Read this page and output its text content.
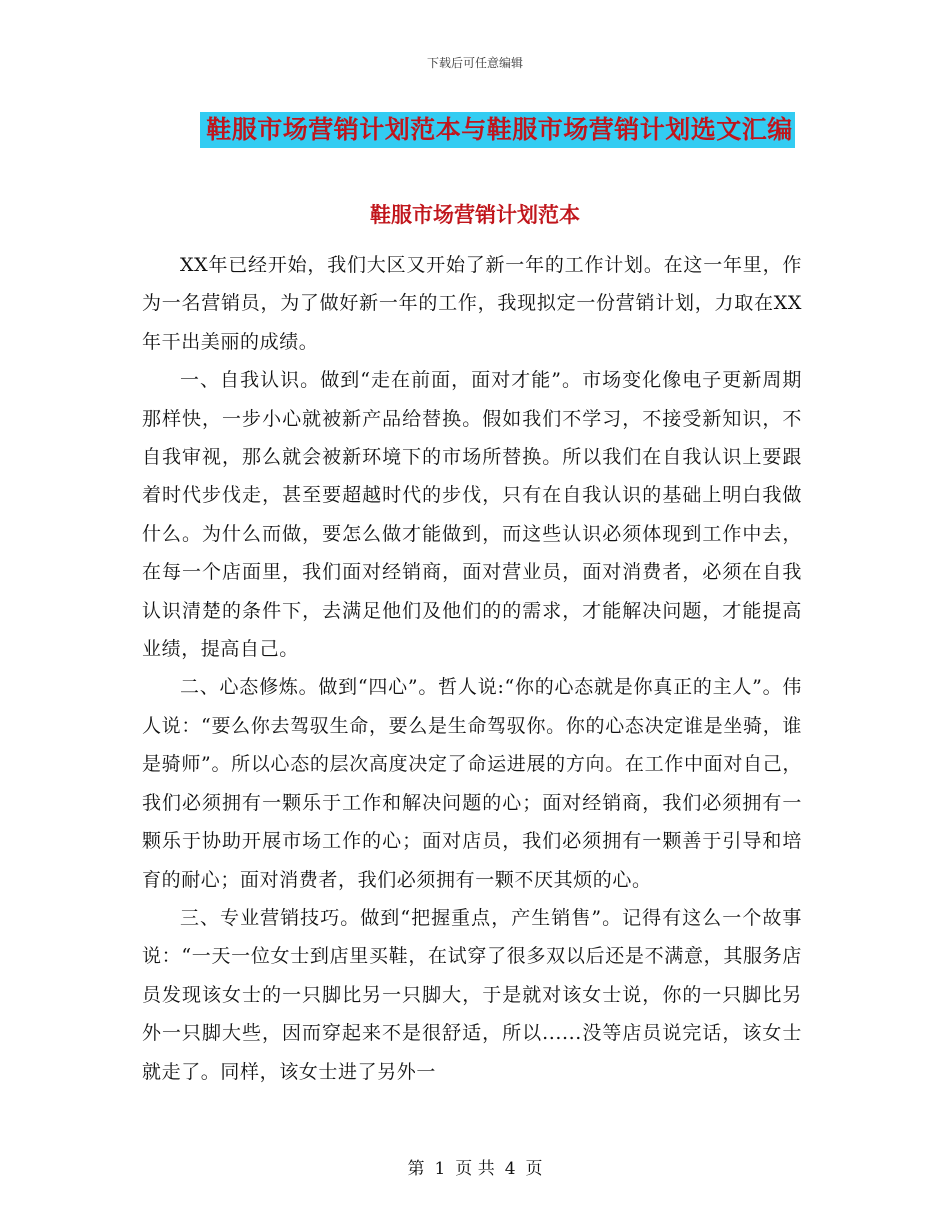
下载后可任意编辑
鞋服市场营销计划范本与鞋服市场营销计划选文汇编
鞋服市场营销计划范本

XX年已经开始，我们大区又开始了新一年的工作计划。在这一年里，作为一名营销员，为了做好新一年的工作，我现拟定一份营销计划，力取在XX年干出美丽的成绩。

一、自我认识。做到“走在前面，面对才能”。市场变化像电子更新周期那样快，一步小心就被新产品给替换。假如我们不学习，不接受新知识，不自我审视，那么就会被新环境下的市场所替换。所以我们在自我认识上要跟着时代步伐走，甚至要超越时代的步伐，只有在自我认识的基础上明白我做什么。为什么而做，要怎么做才能做到，而这些认识必须体现到工作中去，在每一个店面里，我们面对经销商，面对营业员，面对消费者，必须在自我认识清楚的条件下，去满足他们及他们的的需求，才能解决问题，才能提高业绩，提高自己。

二、心态修炼。做到“四心”。哲人说:“你的心态就是你真正的主人”。伟人说：“要么你去驾驭生命，要么是生命驾驭你。你的心态决定谁是坐骑，谁是骑师”。所以心态的层次高度决定了命运进展的方向。在工作中面对自己，我们必须拥有一颗乐于工作和解决问题的心；面对经销商，我们必须拥有一颗乐于协助开展市场工作的心；面对店员，我们必须拥有一颗善于引导和培育的耐心；面对消费者，我们必须拥有一颗不厌其烦的心。

三、专业营销技巧。做到“把握重点，产生销售”。记得有这么一个故事说：“一天一位女士到店里买鞋，在试穿了很多双以后还是不满意，其服务店员发现该女士的一只脚比另一只脚大，于是就对该女士说，你的一只脚比另外一只脚大些，因而穿起来不是很舒适，所以......没等店员说完话，该女士就走了。同样，该女士进了另外一

第 1 页 共 4 页
